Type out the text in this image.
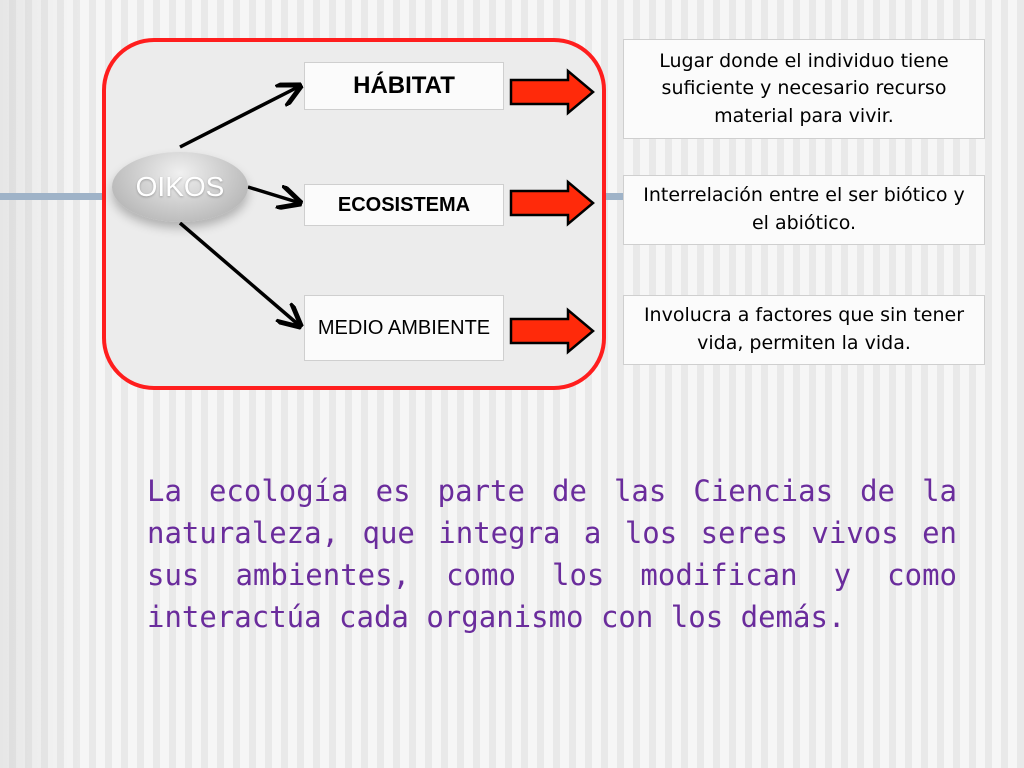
OIKOS
HÁBITAT
ECOSISTEMA
MEDIO AMBIENTE
Lugar donde el individuo tiene suficiente y necesario recurso material para vivir.
Interrelación entre el ser biótico y el abiótico.
Involucra a factores que sin tener vida, permiten la vida.

La ecología es parte de las Ciencias de la naturaleza, que integra a los seres vivos en sus ambientes, como los modifican y como interactúa cada organismo con los demás.
